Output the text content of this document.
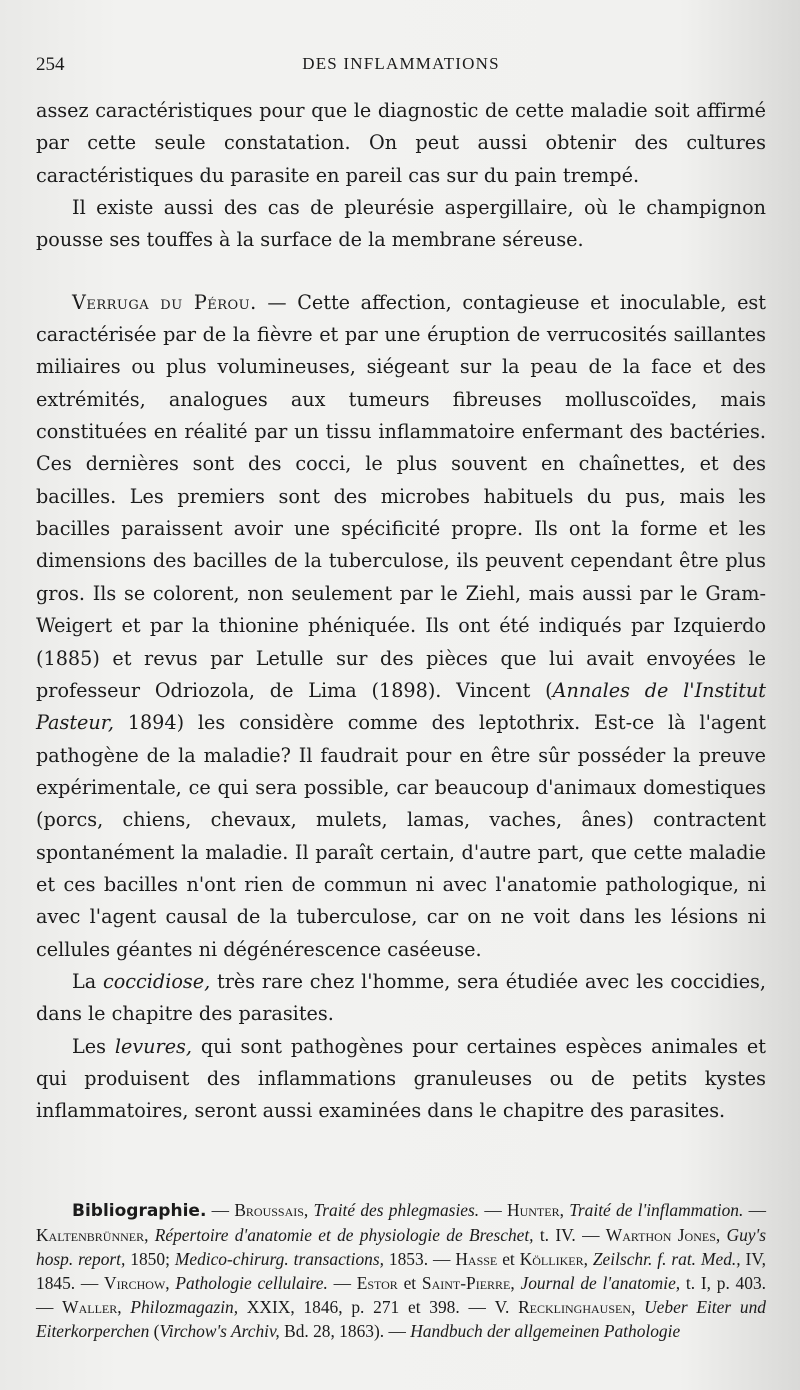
254	DES INFLAMMATIONS

assez caractéristiques pour que le diagnostic de cette maladie soit affirmé par cette seule constatation. On peut aussi obtenir des cultures caractéristiques du parasite en pareil cas sur du pain trempé.

Il existe aussi des cas de pleurésie aspergillaire, où le champignon pousse ses touffes à la surface de la membrane séreuse.

Verruga du Pérou. — Cette affection, contagieuse et inoculable, est caractérisée par de la fièvre et par une éruption de verrucosités saillantes miliaires ou plus volumineuses, siégeant sur la peau de la face et des extrémités, analogues aux tumeurs fibreuses molluscoïdes, mais constituées en réalité par un tissu inflammatoire enfermant des bactéries. Ces dernières sont des cocci, le plus souvent en chaînettes, et des bacilles. Les premiers sont des microbes habituels du pus, mais les bacilles paraissent avoir une spécificité propre. Ils ont la forme et les dimensions des bacilles de la tuberculose, ils peuvent cependant être plus gros. Ils se colorent, non seulement par le Ziehl, mais aussi par le Gram-Weigert et par la thionine phéniquée. Ils ont été indiqués par Izquierdo (1885) et revus par Letulle sur des pièces que lui avait envoyées le professeur Odriozola, de Lima (1898). Vincent (Annales de l'Institut Pasteur, 1894) les considère comme des leptothrix. Est-ce là l'agent pathogène de la maladie? Il faudrait pour en être sûr posséder la preuve expérimentale, ce qui sera possible, car beaucoup d'animaux domestiques (porcs, chiens, chevaux, mulets, lamas, vaches, ânes) contractent spontanément la maladie. Il paraît certain, d'autre part, que cette maladie et ces bacilles n'ont rien de commun ni avec l'anatomie pathologique, ni avec l'agent causal de la tuberculose, car on ne voit dans les lésions ni cellules géantes ni dégénérescence caséeuse.

La coccidiose, très rare chez l'homme, sera étudiée avec les coccidies, dans le chapitre des parasites.

Les levures, qui sont pathogènes pour certaines espèces animales et qui produisent des inflammations granuleuses ou de petits kystes inflammatoires, seront aussi examinées dans le chapitre des parasites.

Bibliographie. — Broussais, Traité des phlegmasies. — Hunter, Traité de l'inflammation. — Kaltenbrünner, Répertoire d'anatomie et de physiologie de Breschet, t. IV. — Warthon Jones, Guy's hosp. report, 1850; Medico-chirurg. transactions, 1853. — Hasse et Kölliker, Zeilschr. f. rat. Med., IV, 1845. — Virchow, Pathologie cellulaire. — Estor et Saint-Pierre, Journal de l'anatomie, t. I, p. 403. — Waller, Philozmagazin, XXIX, 1846, p. 271 et 398. — V. Recklinghausen, Ueber Eiter und Eiterkorperchen (Virchow's Archiv, Bd. 28, 1863). — Handbuch der allgemeinen Pathologie
